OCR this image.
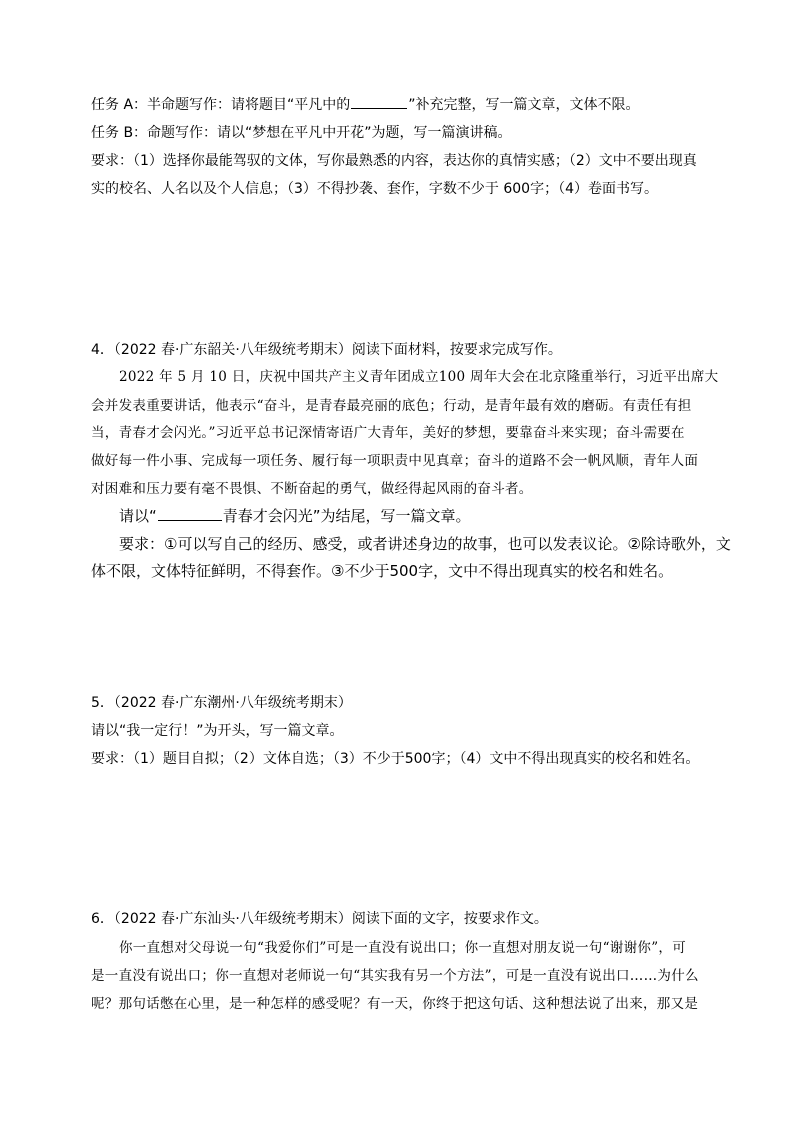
任务 A：半命题写作：请将题目“平凡中的	”补充完整，写一篇文章，文体不限。
任务 B：命题写作：请以“梦想在平凡中开花”为题，写一篇演讲稿。
要求：（1）选择你最能驾驭的文体，写你最熟悉的内容，表达你的真情实感；（2）文中不要出现真
实的校名、人名以及个人信息；（3）不得抄袭、套作，字数不少于 600字；（4）卷面书写。
4．（2022 春·广东韶关·八年级统考期末）阅读下面材料，按要求完成写作。
2022 年 5 月 10 日，庆祝中国共产主义青年团成立100 周年大会在北京隆重举行，习近平出席大
会并发表重要讲话，他表示“奋斗，是青春最亮丽的底色；行动，是青年最有效的磨砺。有责任有担
当，青春才会闪光。”习近平总书记深情寄语广大青年，美好的梦想，要靠奋斗来实现；奋斗需要在
做好每一件小事、完成每一项任务、履行每一项职责中见真章；奋斗的道路不会一帆风顺，青年人面
对困难和压力要有毫不畏惧、不断奋起的勇气，做经得起风雨的奋斗者。
请以“	青春才会闪光”为结尾，写一篇文章。
要求：①可以写自己的经历、感受，或者讲述身边的故事，也可以发表议论。②除诗歌外，文
体不限，文体特征鲜明，不得套作。③不少于500字，文中不得出现真实的校名和姓名。
5．（2022 春·广东潮州·八年级统考期末）
请以“我一定行！”为开头，写一篇文章。
要求：（1）题目自拟；（2）文体自选；（3）不少于500字；（4）文中不得出现真实的校名和姓名。
6．（2022 春·广东汕头·八年级统考期末）阅读下面的文字，按要求作文。
你一直想对父母说一句“我爱你们”可是一直没有说出口；你一直想对朋友说一句“谢谢你”，可
是一直没有说出口；你一直想对老师说一句“其实我有另一个方法”，可是一直没有说出口……为什么
呢？那句话憋在心里，是一种怎样的感受呢？有一天，你终于把这句话、这种想法说了出来，那又是
